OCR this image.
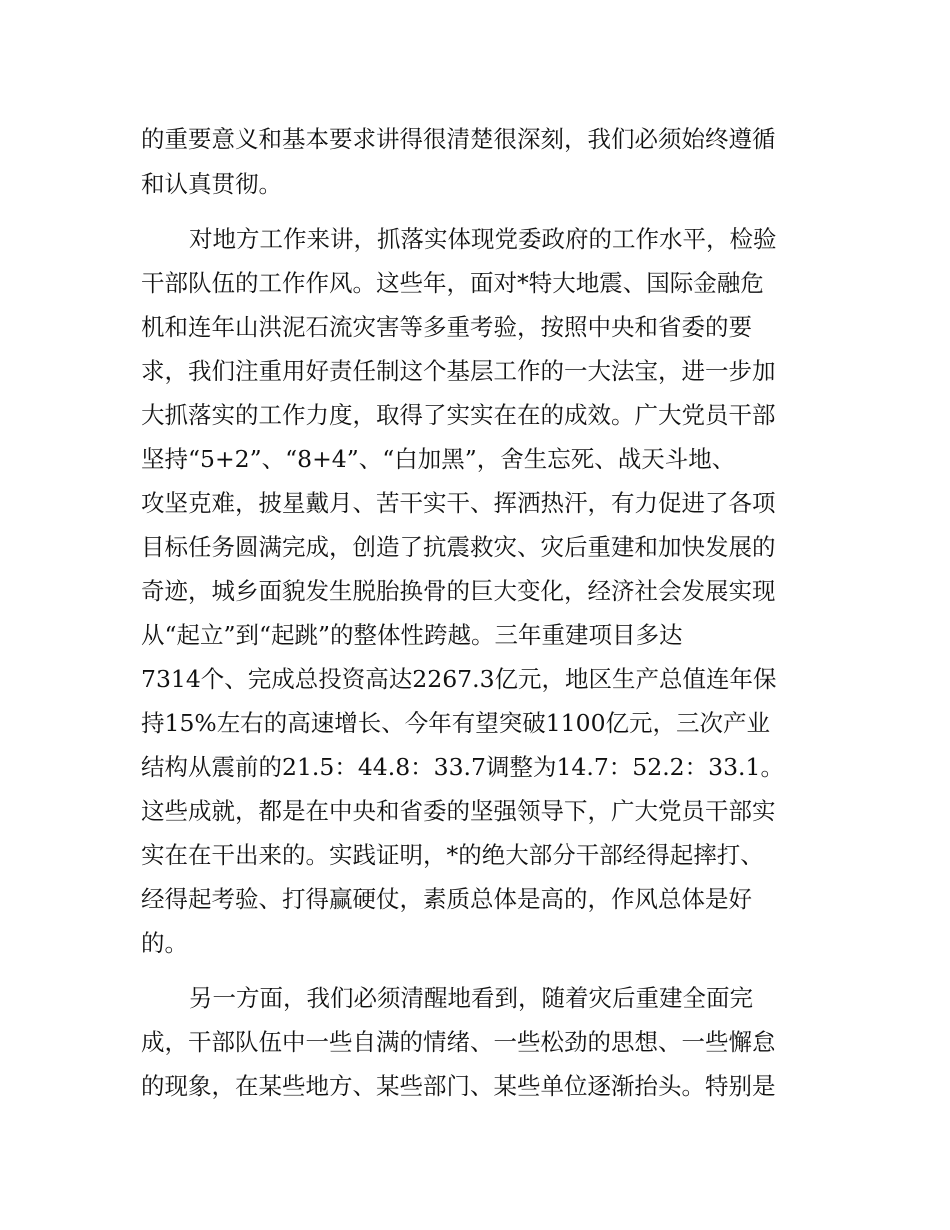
的重要意义和基本要求讲得很清楚很深刻，我们必须始终遵循
和认真贯彻。
对地方工作来讲，抓落实体现党委政府的工作水平，检验
干部队伍的工作作风。这些年，面对*特大地震、国际金融危
机和连年山洪泥石流灾害等多重考验，按照中央和省委的要
求，我们注重用好责任制这个基层工作的一大法宝，进一步加
大抓落实的工作力度，取得了实实在在的成效。广大党员干部
坚持“5+2”、“8+4”、“白加黑”，舍生忘死、战天斗地、
攻坚克难，披星戴月、苦干实干、挥洒热汗，有力促进了各项
目标任务圆满完成，创造了抗震救灾、灾后重建和加快发展的
奇迹，城乡面貌发生脱胎换骨的巨大变化，经济社会发展实现
从“起立”到“起跳”的整体性跨越。三年重建项目多达
7314个、完成总投资高达2267.3亿元，地区生产总值连年保
持15%左右的高速增长、今年有望突破1100亿元，三次产业
结构从震前的21.5：44.8：33.7调整为14.7：52.2：33.1。
这些成就，都是在中央和省委的坚强领导下，广大党员干部实
实在在干出来的。实践证明，*的绝大部分干部经得起摔打、
经得起考验、打得赢硬仗，素质总体是高的，作风总体是好
的。
另一方面，我们必须清醒地看到，随着灾后重建全面完
成，干部队伍中一些自满的情绪、一些松劲的思想、一些懈怠
的现象，在某些地方、某些部门、某些单位逐渐抬头。特别是
